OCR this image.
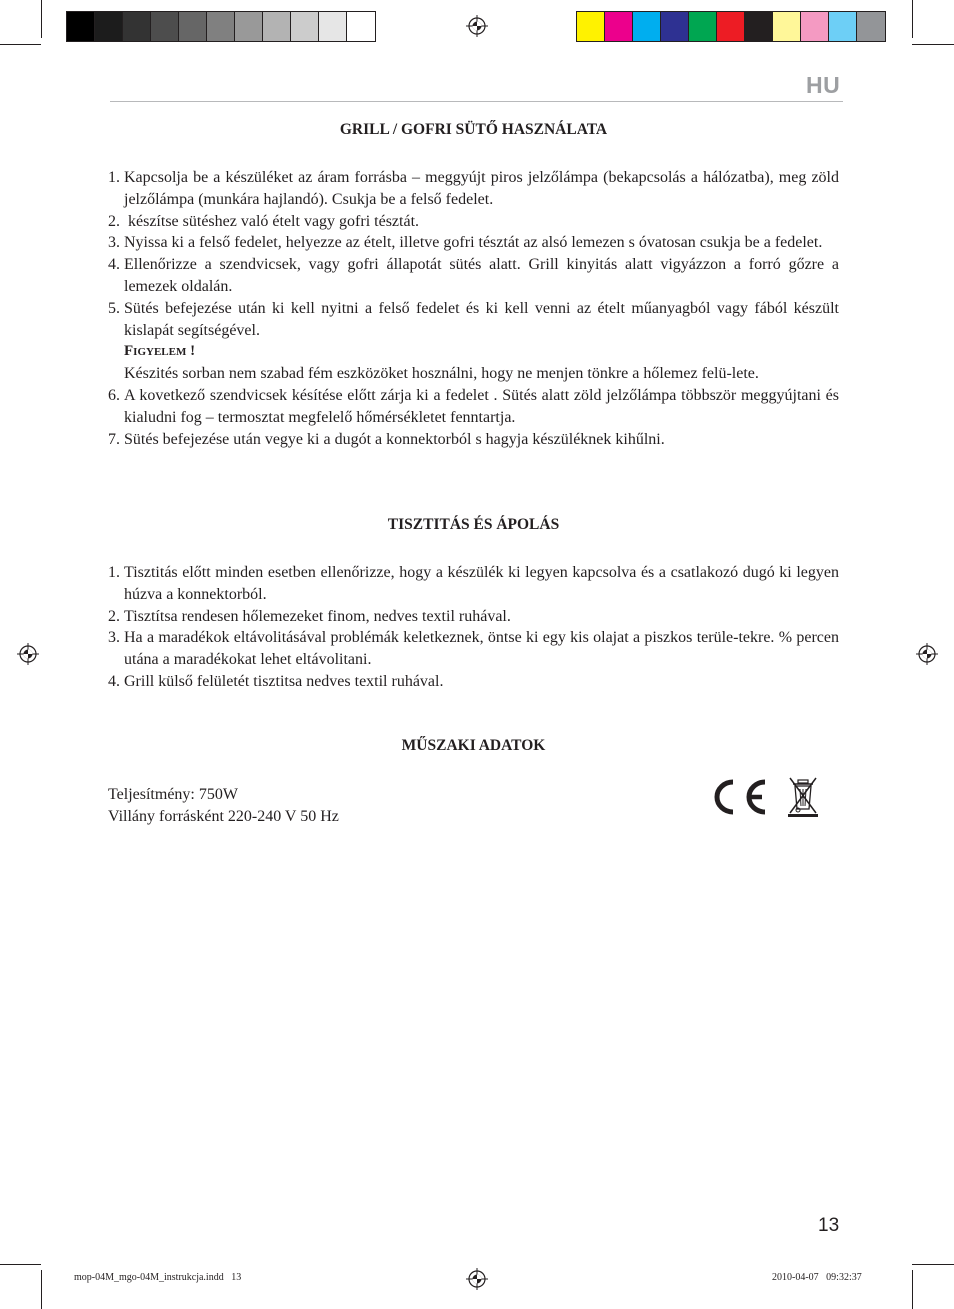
HU
GRILL / GOFRI SÜTŐ HASZNÁLATA
1. Kapcsolja be a készüléket az áram forrásba – meggyújt piros jelzőlámpa (bekapcsolás a hálózatba), meg zöld jelzőlámpa (munkára hajlandó). Csukja be a felső fedelet.
2. készítse sütéshez való ételt vagy gofri tésztát.
3. Nyissa ki a felső fedelet, helyezze az ételt, illetve gofri tésztát az alsó lemezen s óvatosan csukja be a fedelet.
4. Ellenőrizze a szendvicsek, vagy gofri állapotát sütés alatt. Grill kinyitás alatt vigyázzon a forró gőzre a lemezek oldalán.
5. Sütés befejezése után ki kell nyitni a felső fedelet és ki kell venni az ételt műanyagból vagy fából készült kislapát segítségével.
Figyelem !
Készités sorban nem szabad fém eszközöket hosználni, hogy ne menjen tönkre a hőlemez felü-lete.
6. A kovetkező szendvicsek késítése előtt zárja ki a fedelet . Sütés alatt zöld jelzőlámpa többször meggyújtani és kialudni fog – termosztat megfelelő hőmérsékletet fenntartja.
7. Sütés befejezése után vegye ki a dugót a konnektorból s hagyja készüléknek kihűlni.
TISZTITÁS ÉS ÁPOLÁS
1. Tisztitás előtt minden esetben ellenőrizze, hogy a készülék ki legyen kapcsolva és a csatlakozó dugó ki legyen húzva a konnektorból.
2. Tisztítsa rendesen hőlemezeket finom, nedves textil ruhával.
3. Ha a maradékok eltávolitásával problémák keletkeznek, öntse ki egy kis olajat a piszkos terüle-tekre. % percen utána a maradékokat lehet eltávolitani.
4. Grill külső felületét tisztitsa nedves textil ruhával.
MŰSZAKI ADATOK
Teljesítmény: 750W
Villány forrásként 220-240 V 50 Hz
13
mop-04M_mgo-04M_instrukcja.indd   13	2010-04-07   09:32:37
